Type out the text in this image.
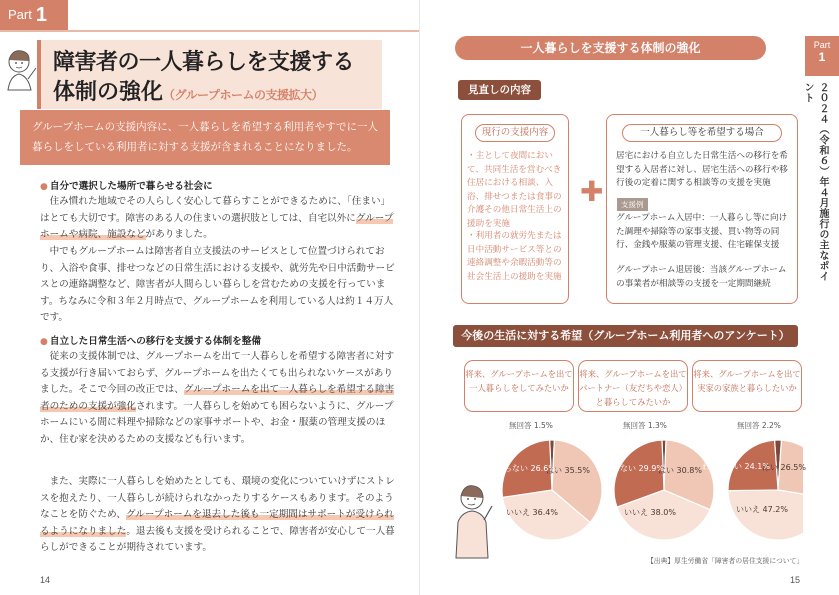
Part 1
障害者の一人暮らしを支援する
体制の強化（グループホームの支援拡大）
グループホームの支援内容に、一人暮らしを希望する利用者やすでに一人暮らしをしている利用者に対する支援が含まれることになりました。
● 自分で選択した場所で暮らせる社会に
住み慣れた地域でその人らしく安心して暮らすことができるために、「住まい」はとても大切です。障害のある人の住まいの選択肢としては、自宅以外にグループホームや病院、施設などがありました。
中でもグループホームは障害者自立支援法のサービスとして位置づけられており、入浴や食事、排せつなどの日常生活における支援や、就労先や日中活動サービスとの連絡調整など、障害者が人間らしい暮らしを営むための支援を行っています。ちなみに令和３年２月時点で、グループホームを利用している人は約１４万人です。
● 自立した日常生活への移行を支援する体制を整備
従来の支援体制では、グループホームを出て一人暮らしを希望する障害者に対する支援が行き届いておらず、グループホームを出たくても出られないケースがありました。そこで今回の改正では、グループホームを出て一人暮らしを希望する障害者のための支援が強化されます。一人暮らしを始めても困らないように、グループホームにいる間に料理や掃除などの家事サポートや、お金・服薬の管理支援のほか、住む家を決めるための支援なども行います。
また、実際に一人暮らしを始めたとしても、環境の変化についていけずにストレスを抱えたり、一人暮らしが続けられなかったりするケースもあります。そのようなことを防ぐため、グループホームを退去した後も一定期間はサポートが受けられるようになりました。退去後も支援を受けられることで、障害者が安心して一人暮らしができることが期待されています。
14
一人暮らしを支援する体制の強化	Part
1
２０２４（令和６）年４月施行の主なポイント
見直しの内容
現行の支援内容
・主として夜間において、共同生活を営むべき住居における相談、入浴、排せつまたは食事の介護その他日常生活上の援助を実施
・利用者の就労先または日中活動サービス等との連絡調整や余暇活動等の社会生活上の援助を実施
✚
一人暮らし等を希望する場合
居宅における自立した日常生活への移行を希望する入居者に対し、居宅生活への移行や移行後の定着に関する相談等の支援を実施
支援例
グループホーム入居中：一人暮らし等に向けた調理や掃除等の家事支援、買い物等の同行、金銭や服薬の管理支援、住宅確保支援
グループホーム退居後：当該グループホームの事業者が相談等の支援を一定期間継続
今後の生活に対する希望（グループホーム利用者へのアンケート）
将来、グループホームを出て一人暮らしをしてみたいか
将来、グループホームを出てパートナー（友だちや恋人）と暮らしてみたいか
将来、グループホームを出て実家の家族と暮らしたいか
無回答 1.5%	無回答 1.3%	無回答 2.2%
はい 35.5%
いいえ 36.4%
わからない 26.6%	はい 30.8%
いいえ 38.0%
わからない 29.9%	はい 26.5%
いいえ 47.2%
わからない 24.1%
【出典】厚生労働省「障害者の居住支援について」
15
